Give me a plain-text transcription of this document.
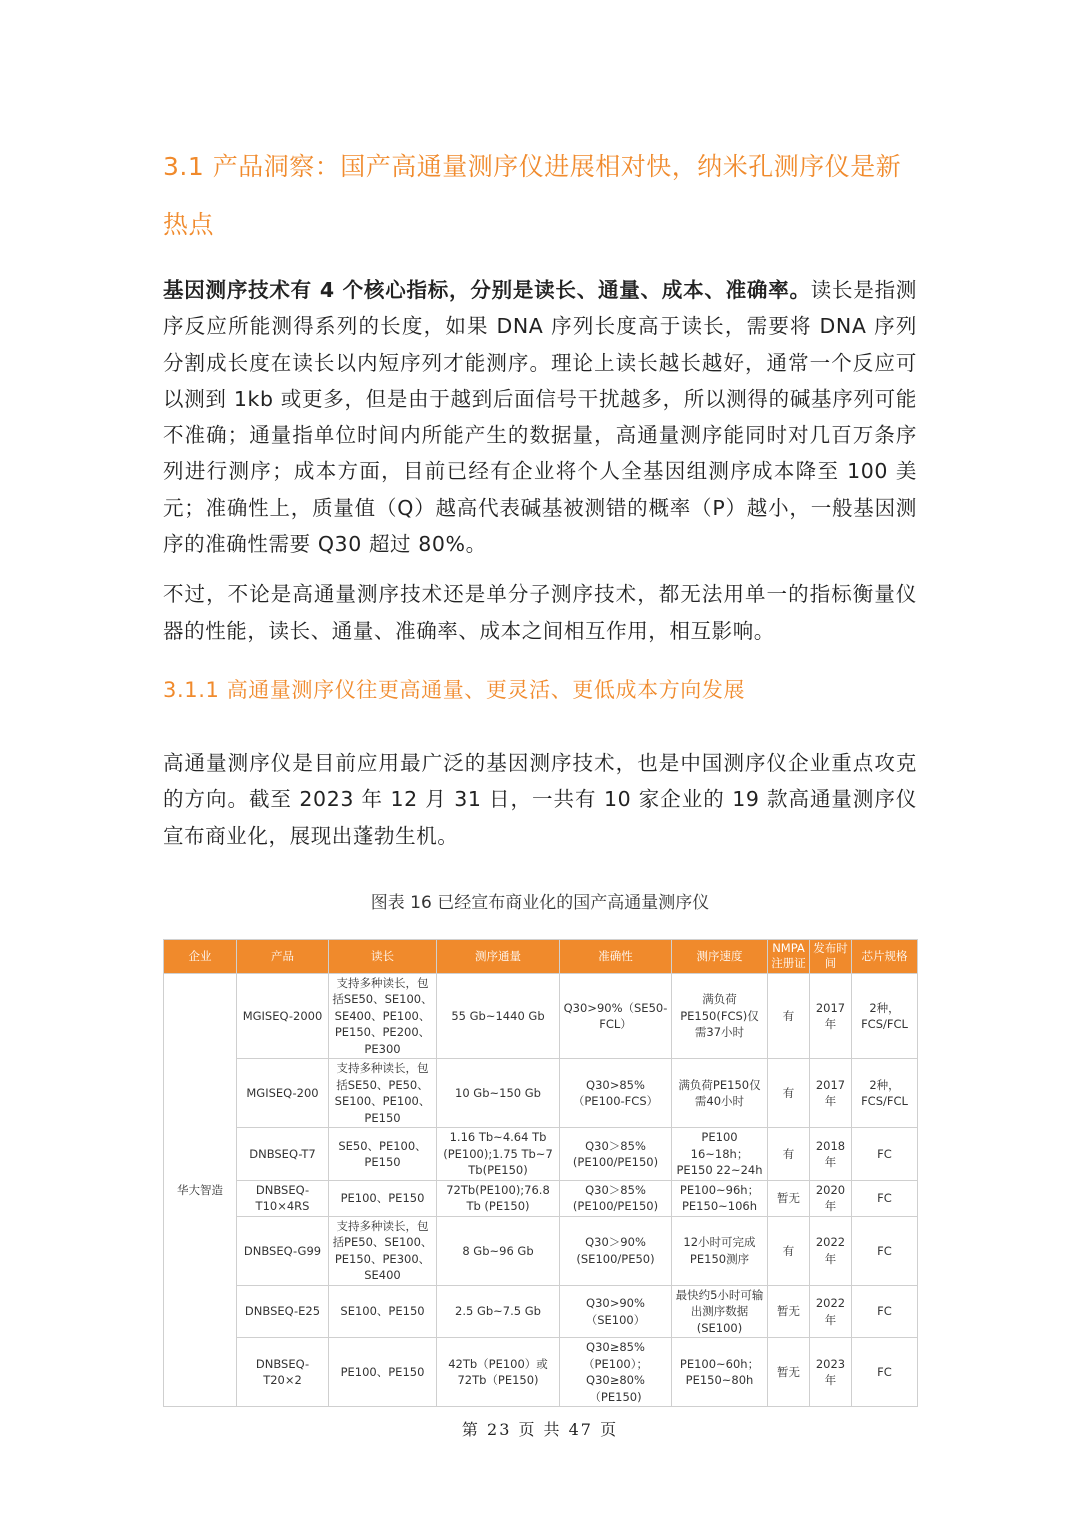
3.1 产品洞察：国产高通量测序仪进展相对快，纳米孔测序仪是新热点

基因测序技术有 4 个核心指标，分别是读长、通量、成本、准确率。读长是指测序反应所能测得系列的长度，如果 DNA 序列长度高于读长，需要将 DNA 序列分割成长度在读长以内短序列才能测序。理论上读长越长越好，通常一个反应可以测到 1kb 或更多，但是由于越到后面信号干扰越多，所以测得的碱基序列可能不准确；通量指单位时间内所能产生的数据量，高通量测序能同时对几百万条序列进行测序；成本方面，目前已经有企业将个人全基因组测序成本降至 100 美元；准确性上，质量值（Q）越高代表碱基被测错的概率（P）越小，一般基因测序的准确性需要 Q30 超过 80%。

不过，不论是高通量测序技术还是单分子测序技术，都无法用单一的指标衡量仪器的性能，读长、通量、准确率、成本之间相互作用，相互影响。

3.1.1 高通量测序仪往更高通量、更灵活、更低成本方向发展

高通量测序仪是目前应用最广泛的基因测序技术，也是中国测序仪企业重点攻克的方向。截至 2023 年 12 月 31 日，一共有 10 家企业的 19 款高通量测序仪宣布商业化，展现出蓬勃生机。

图表 16 已经宣布商业化的国产高通量测序仪
企业	产品	读长	测序通量	准确性	测序速度	NMPA注册证	发布时间	芯片规格
华大智造	MGISEQ-2000	支持多种读长，包括SE50、SE100、SE400、PE100、PE150、PE200、PE300	55 Gb~1440 Gb	Q30>90%（SE50-FCL）	满负荷PE150(FCS)仅需37小时	有	2017年	2种，FCS/FCL
	MGISEQ-200	支持多种读长，包括SE50、PE50、SE100、PE100、PE150	10 Gb~150 Gb	Q30>85%（PE100-FCS）	满负荷PE150仅需40小时	有	2017年	2种，FCS/FCL
	DNBSEQ-T7	SE50、PE100、PE150	1.16 Tb~4.64 Tb (PE100);1.75 Tb~7 Tb(PE150)	Q30＞85%(PE100/PE150)	PE100 16~18h；PE150 22~24h	有	2018年	FC
	DNBSEQ-T10×4RS	PE100、PE150	72Tb(PE100);76.8 Tb (PE150)	Q30＞85%(PE100/PE150)	PE100~96h；PE150~106h	暂无	2020年	FC
	DNBSEQ-G99	支持多种读长，包括PE50、SE100、PE150、PE300、SE400	8 Gb~96 Gb	Q30＞90%(SE100/PE50)	12小时可完成PE150测序	有	2022年	FC
	DNBSEQ-E25	SE100、PE150	2.5 Gb~7.5 Gb	Q30>90%（SE100）	最快约5小时可输出测序数据(SE100)	暂无	2022年	FC
	DNBSEQ-T20×2	PE100、PE150	42Tb（PE100）或72Tb（PE150)	Q30≥85%（PE100）；Q30≥80%（PE150)	PE100~60h；PE150~80h	暂无	2023年	FC
第 23 页 共 47 页
